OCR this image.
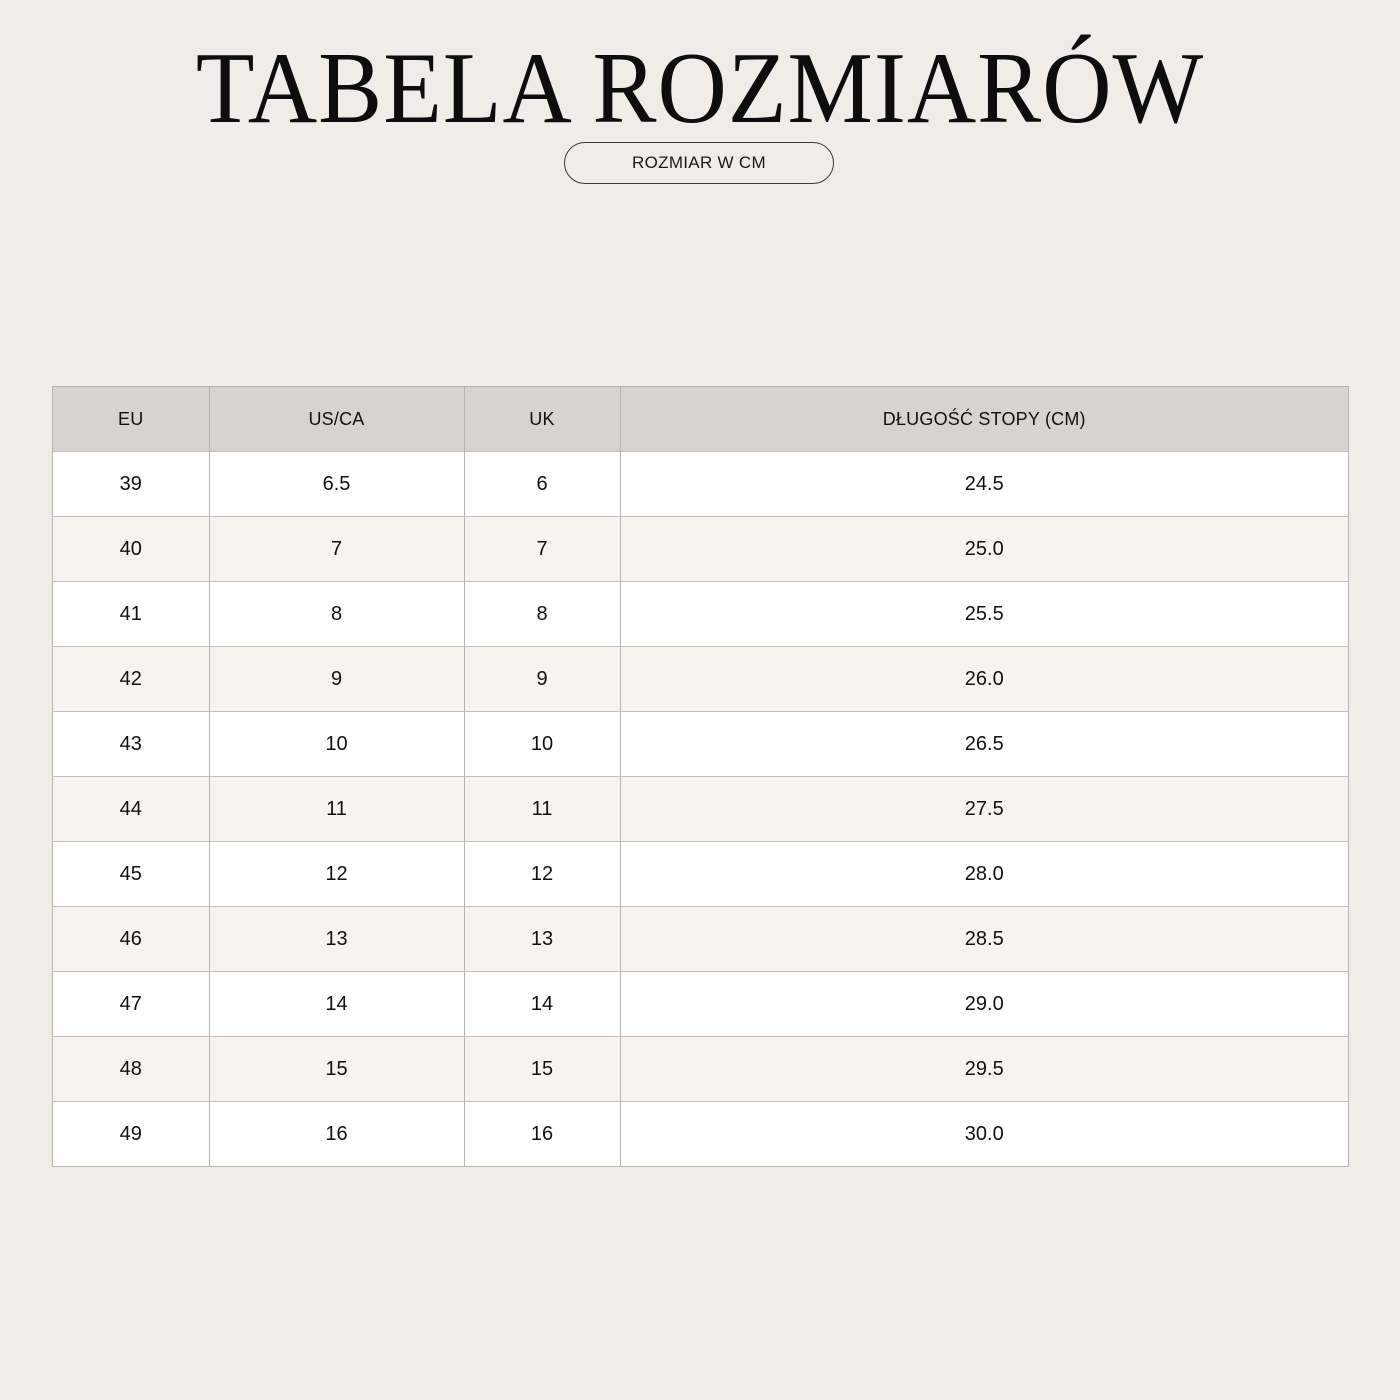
TABELA ROZMIARÓW
ROZMIAR W CM
EU	US/CA	UK	DŁUGOŚĆ STOPY (CM)
39	6.5	6	24.5
40	7	7	25.0
41	8	8	25.5
42	9	9	26.0
43	10	10	26.5
44	11	11	27.5
45	12	12	28.0
46	13	13	28.5
47	14	14	29.0
48	15	15	29.5
49	16	16	30.0
